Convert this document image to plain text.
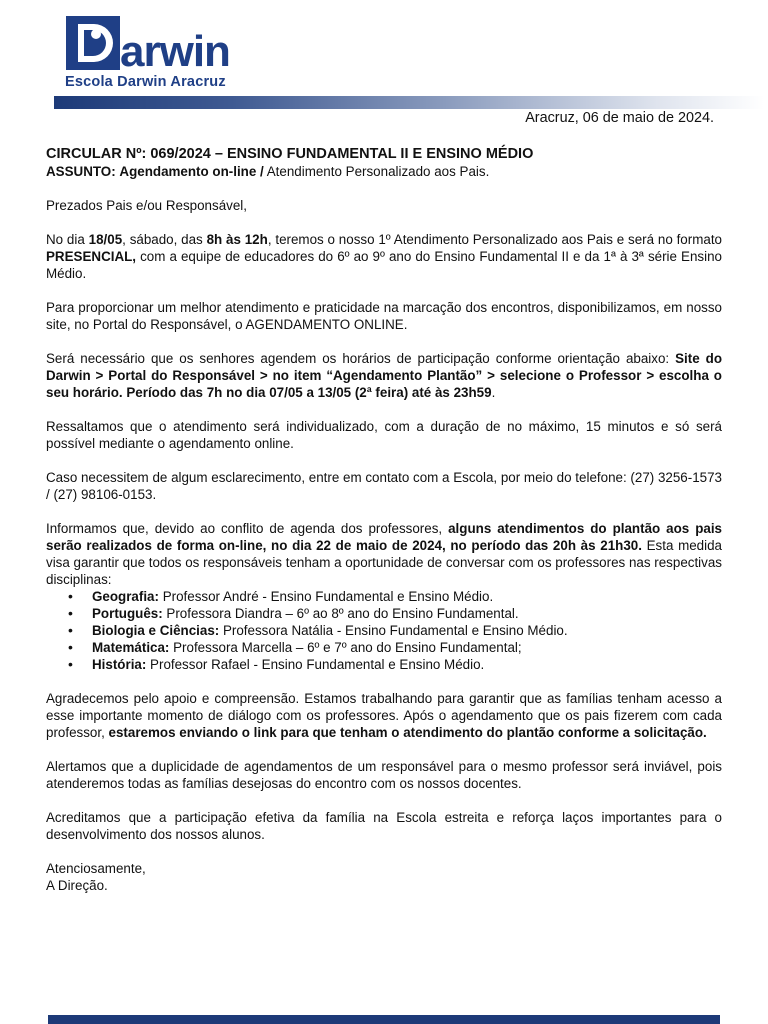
arwin
Escola Darwin Aracruz
Aracruz, 06 de maio de 2024.

CIRCULAR Nº: 069/2024 – ENSINO FUNDAMENTAL II E ENSINO MÉDIO

ASSUNTO: Agendamento on-line / Atendimento Personalizado aos Pais.

Prezados Pais e/ou Responsável,

No dia 18/05, sábado, das 8h às 12h, teremos o nosso 1º Atendimento Personalizado aos Pais e será no formato PRESENCIAL, com a equipe de educadores do 6º ao 9º ano do Ensino Fundamental II e da 1ª à 3ª série Ensino Médio.

Para proporcionar um melhor atendimento e praticidade na marcação dos encontros, disponibilizamos, em nosso site, no Portal do Responsável, o AGENDAMENTO ONLINE.

Será necessário que os senhores agendem os horários de participação conforme orientação abaixo: Site do Darwin > Portal do Responsável > no item “Agendamento Plantão” > selecione o Professor > escolha o seu horário. Período das 7h no dia 07/05 a 13/05 (2ª feira) até às 23h59.

Ressaltamos que o atendimento será individualizado, com a duração de no máximo, 15 minutos e só será possível mediante o agendamento online.

Caso necessitem de algum esclarecimento, entre em contato com a Escola, por meio do telefone: (27) 3256-1573 / (27) 98106-0153.

Informamos que, devido ao conflito de agenda dos professores, alguns atendimentos do plantão aos pais serão realizados de forma on-line, no dia 22 de maio de 2024, no período das 20h às 21h30. Esta medida visa garantir que todos os responsáveis tenham a oportunidade de conversar com os professores nas respectivas disciplinas:

• Geografia: Professor André - Ensino Fundamental e Ensino Médio.
• Português: Professora Diandra – 6º ao 8º ano do Ensino Fundamental.
• Biologia e Ciências: Professora Natália - Ensino Fundamental e Ensino Médio.
• Matemática: Professora Marcella – 6º e 7º ano do Ensino Fundamental;
• História: Professor Rafael - Ensino Fundamental e Ensino Médio.

Agradecemos pelo apoio e compreensão. Estamos trabalhando para garantir que as famílias tenham acesso a esse importante momento de diálogo com os professores. Após o agendamento que os pais fizerem com cada professor, estaremos enviando o link para que tenham o atendimento do plantão conforme a solicitação.

Alertamos que a duplicidade de agendamentos de um responsável para o mesmo professor será inviável, pois atenderemos todas as famílias desejosas do encontro com os nossos docentes.

Acreditamos que a participação efetiva da família na Escola estreita e reforça laços importantes para o desenvolvimento dos nossos alunos.

Atenciosamente,

A Direção.
